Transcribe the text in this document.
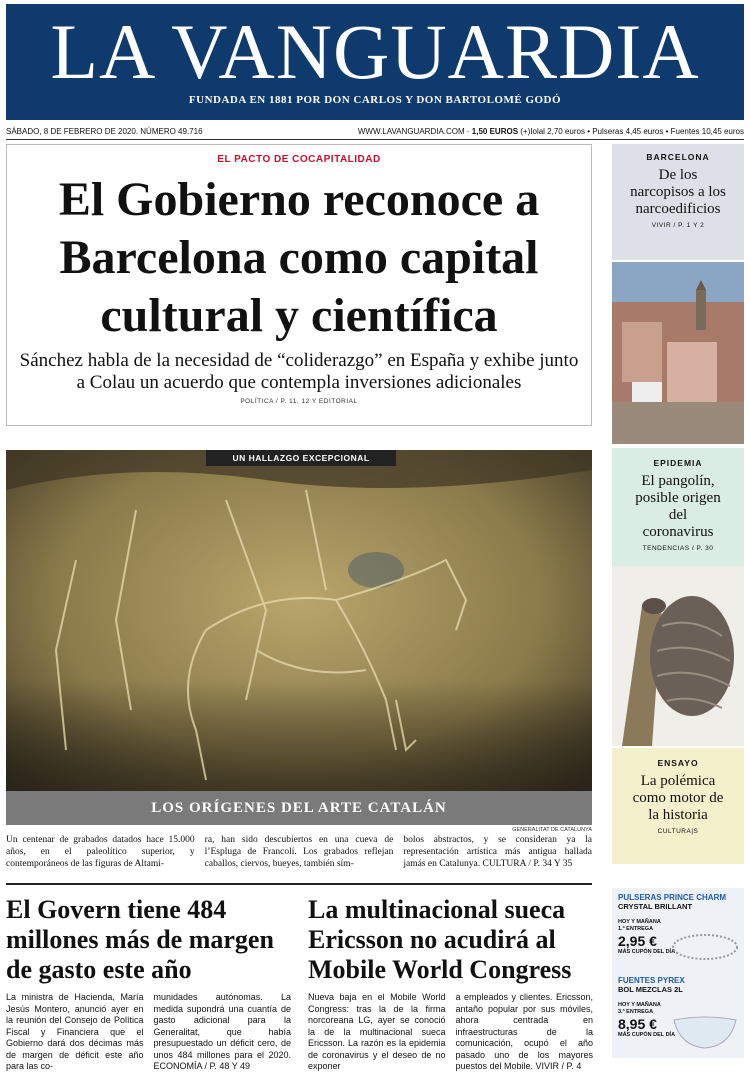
LA VANGUARDIA
FUNDADA EN 1881 POR DON CARLOS Y DON BARTOLOMÉ GODÓ
SÁBADO, 8 DE FEBRERO DE 2020. NÚMERO 49.716	WWW.LAVANGUARDIA.COM · 1,50 EUROS (+)Iolal 2,70 euros • Pulseras 4,45 euros • Fuentes 10,45 euros
EL PACTO DE COCAPITALIDAD
El Gobierno reconoce a Barcelona como capital cultural y científica

Sánchez habla de la necesidad de “coliderazgo” en España y exhibe junto a Colau un acuerdo que contempla inversiones adicionales

POLÍTICA / P. 11, 12 Y EDITORIAL
UN HALLAZGO EXCEPCIONAL
LOS ORÍGENES DEL ARTE CATALÁN
GENERALITAT DE CATALUNYA
Un centenar de grabados datados hace 15.000 años, en el paleolítico superior, y contemporáneos de las figuras de Altami-
ra, han sido descubiertos en una cueva de l’Espluga de Francolí. Los grabados reflejan caballos, ciervos, bueyes, también sím-
bolos abstractos, y se consideran ya la representación artística más antigua hallada jamás en Catalunya. CULTURA / P. 34 Y 35
BARCELONA
De los narcopisos a los narcoedificios
VIVIR / P. 1 Y 2
EPIDEMIA
El pangolín, posible origen del coronavirus
TENDENCIAS / P. 30
ENSAYO
La polémica como motor de la historia
CULTURA|S
El Govern tiene 484 millones más de margen de gasto este año
La ministra de Hacienda, María Jesús Montero, anunció ayer en la reunión del Consejo de Política Fiscal y Financiera que el Gobierno dará dos décimas más de margen de déficit este año para las co-
munidades autónomas. La medida supondrá una cuantía de gasto adicional para la Generalitat, que había presupuestado un déficit cero, de unos 484 millones para el 2020. ECONOMÍA / P. 48 Y 49
La multinacional sueca Ericsson no acudirá al Mobile World Congress
Nueva baja en el Mobile World Congress: tras la de la firma norcoreana LG, ayer se conoció la de la multinacional sueca Ericsson. La razón es la epidemia de coronavirus y el deseo de no exponer
a empleados y clientes. Ericsson, antaño popular por sus móviles, ahora centrada en infraestructuras de la comunicación, ocupó el año pasado uno de los mayores puestos del Mobile. VIVIR / P. 4
PULSERAS PRINCE CHARM
CRYSTAL BRILLANT
HOY Y MAÑANA
1.ª ENTREGA
2,95 €
MÁS CUPÓN DEL DÍA
FUENTES PYREX
BOL MEZCLAS 2L
HOY Y MAÑANA
3.ª ENTREGA
8,95 €
MÁS CUPÓN DEL DÍA
